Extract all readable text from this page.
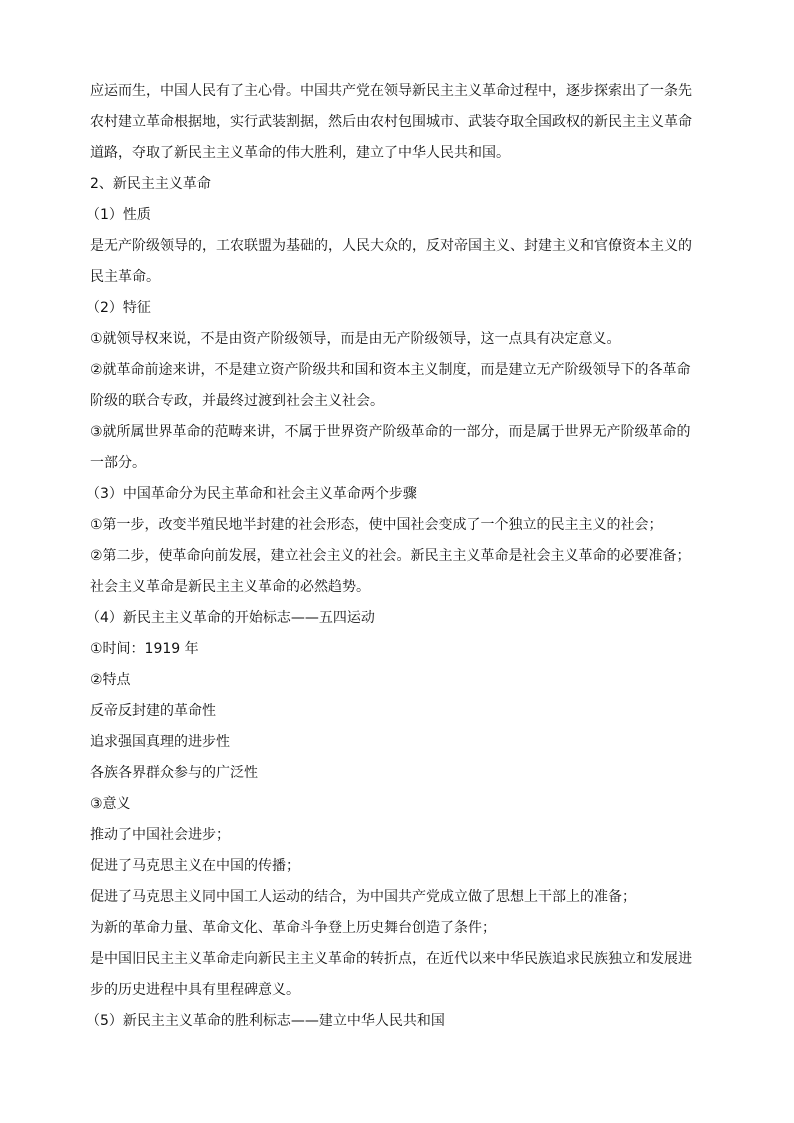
应运而生，中国人民有了主心骨。中国共产党在领导新民主主义革命过程中，逐步探索出了一条先
农村建立革命根据地，实行武装割据，然后由农村包围城市、武装夺取全国政权的新民主主义革命
道路，夺取了新民主主义革命的伟大胜利，建立了中华人民共和国。
2、新民主主义革命
（1）性质
是无产阶级领导的，工农联盟为基础的，人民大众的，反对帝国主义、封建主义和官僚资本主义的
民主革命。
（2）特征
①就领导权来说，不是由资产阶级领导，而是由无产阶级领导，这一点具有决定意义。
②就革命前途来讲，不是建立资产阶级共和国和资本主义制度，而是建立无产阶级领导下的各革命
阶级的联合专政，并最终过渡到社会主义社会。
③就所属世界革命的范畴来讲，不属于世界资产阶级革命的一部分，而是属于世界无产阶级革命的
一部分。
（3）中国革命分为民主革命和社会主义革命两个步骤
①第一步，改变半殖民地半封建的社会形态，使中国社会变成了一个独立的民主主义的社会；
②第二步，使革命向前发展，建立社会主义的社会。新民主主义革命是社会主义革命的必要准备；
社会主义革命是新民主主义革命的必然趋势。
（4）新民主主义革命的开始标志——五四运动
①时间：1919 年
②特点
反帝反封建的革命性
追求强国真理的进步性
各族各界群众参与的广泛性
③意义
推动了中国社会进步；
促进了马克思主义在中国的传播；
促进了马克思主义同中国工人运动的结合，为中国共产党成立做了思想上干部上的准备；
为新的革命力量、革命文化、革命斗争登上历史舞台创造了条件；
是中国旧民主主义革命走向新民主主义革命的转折点，在近代以来中华民族追求民族独立和发展进
步的历史进程中具有里程碑意义。
（5）新民主主义革命的胜利标志——建立中华人民共和国
